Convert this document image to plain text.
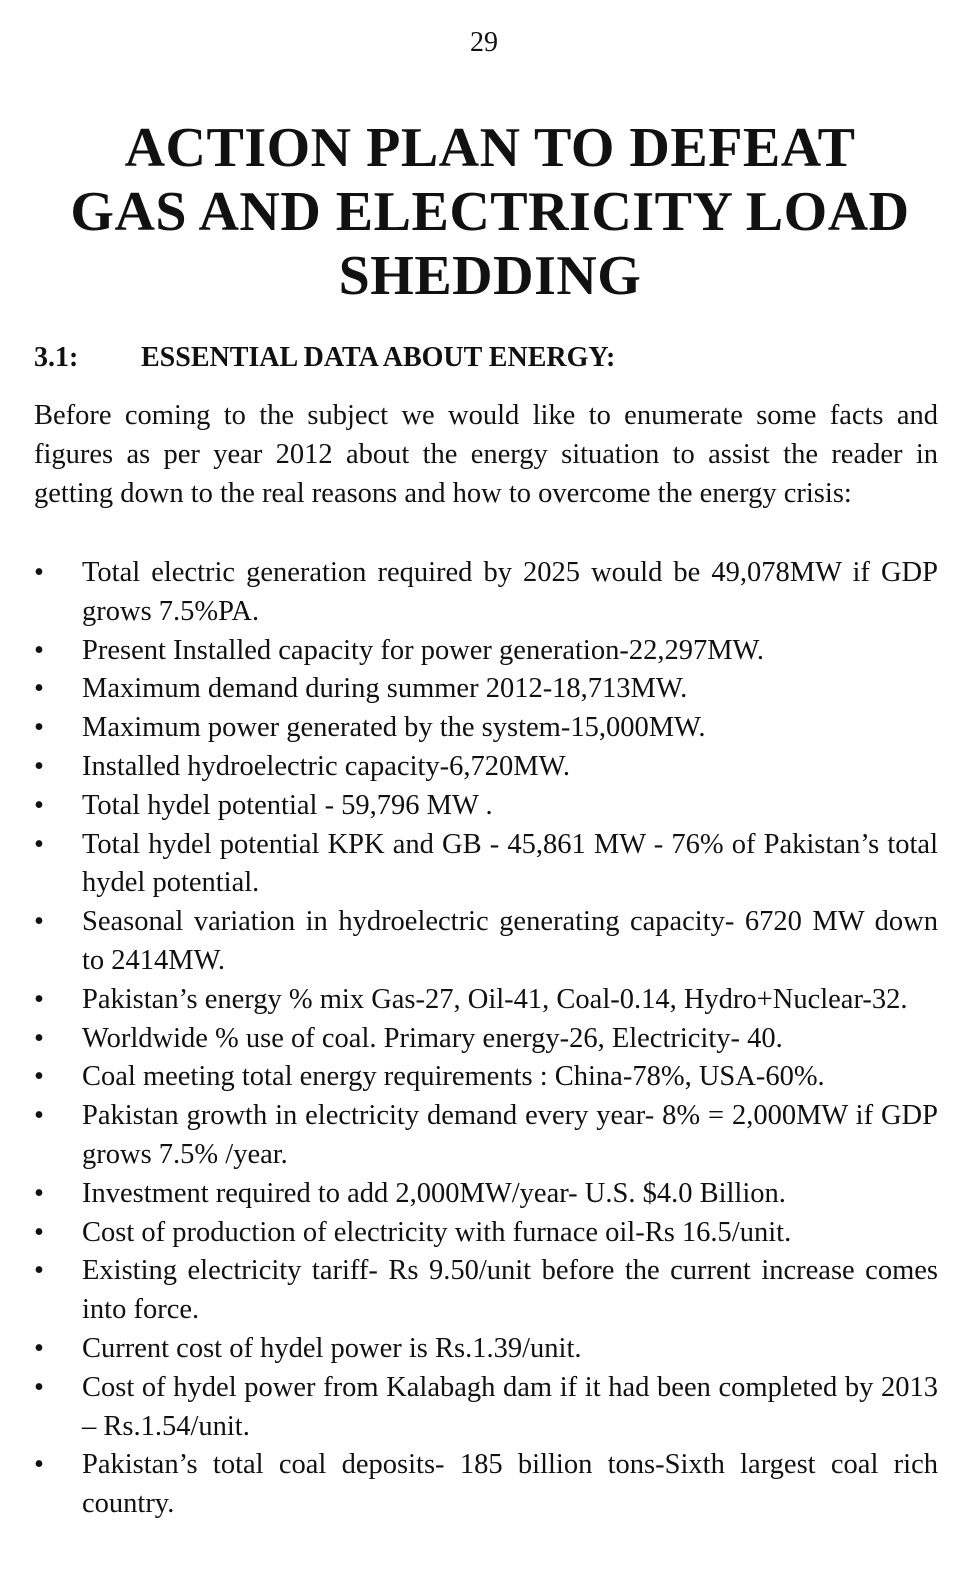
29
ACTION PLAN TO DEFEAT
GAS AND ELECTRICITY LOAD
SHEDDING
3.1: ESSENTIAL DATA ABOUT ENERGY:

Before coming to the subject we would like to enumerate some facts and figures as per year 2012 about the energy situation to assist the reader in getting down to the real reasons and how to overcome the energy crisis:

•	Total electric generation required by 2025 would be 49,078MW if GDP grows 7.5%PA.
•	Present Installed capacity for power generation-22,297MW.
•	Maximum demand during summer 2012-18,713MW.
•	Maximum power generated by the system-15,000MW.
•	Installed hydroelectric capacity-6,720MW.
•	Total hydel potential - 59,796 MW .
•	Total hydel potential KPK and GB - 45,861 MW - 76% of Pakistan’s total hydel potential.
•	Seasonal variation in hydroelectric generating capacity- 6720 MW down to 2414MW.
•	Pakistan’s energy % mix Gas-27, Oil-41, Coal-0.14, Hydro+Nuclear-32.
•	Worldwide % use of coal. Primary energy-26, Electricity- 40.
•	Coal meeting total energy requirements : China-78%, USA-60%.
•	Pakistan growth in electricity demand every year- 8% = 2,000MW if GDP grows 7.5% /year.
•	Investment required to add 2,000MW/year- U.S. $4.0 Billion.
•	Cost of production of electricity with furnace oil-Rs 16.5/unit.
•	Existing electricity tariff- Rs 9.50/unit before the current increase comes into force.
•	Current cost of hydel power is Rs.1.39/unit.
•	Cost of hydel power from Kalabagh dam if it had been completed by 2013 – Rs.1.54/unit.
•	Pakistan’s total coal deposits- 185 billion tons-Sixth largest coal rich country.
